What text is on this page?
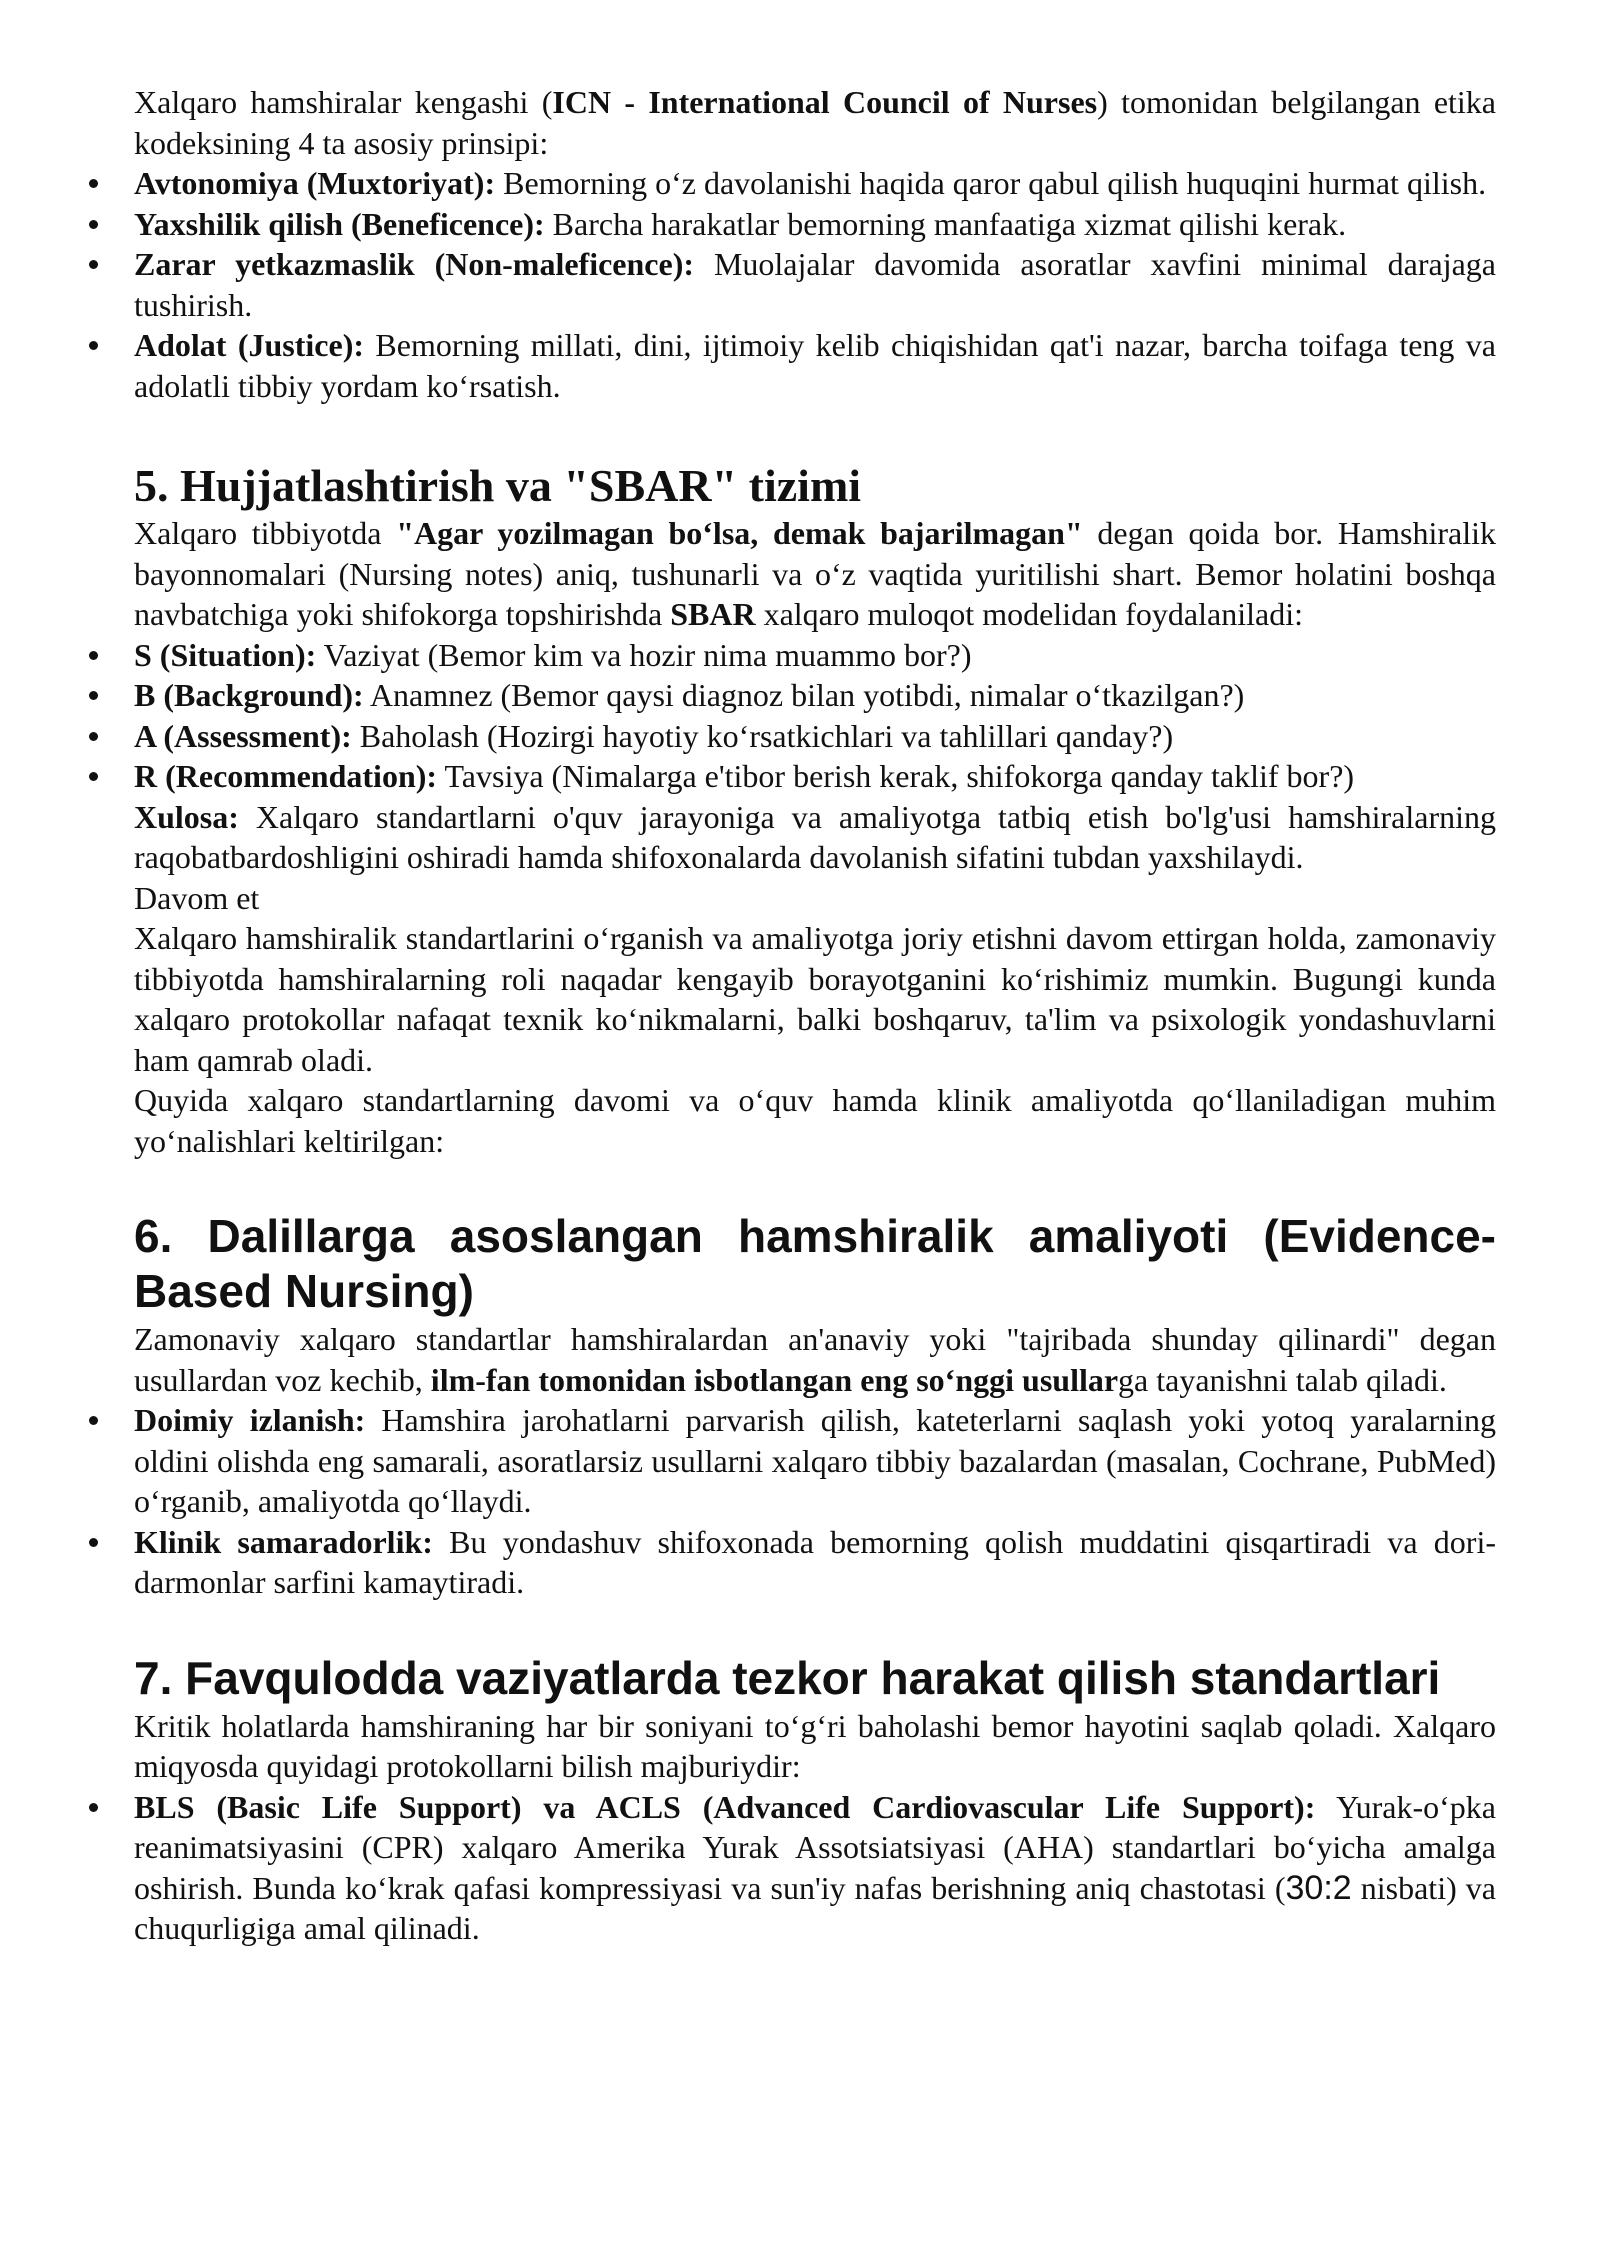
Xalqaro hamshiralar kengashi (ICN - International Council of Nurses) tomonidan belgilangan etika kodeksining 4 ta asosiy prinsipi:

Avtonomiya (Muxtoriyat): Bemorning o‘z davolanishi haqida qaror qabul qilish huquqini hurmat qilish.
Yaxshilik qilish (Beneficence): Barcha harakatlar bemorning manfaatiga xizmat qilishi kerak.
Zarar yetkazmaslik (Non-maleficence): Muolajalar davomida asoratlar xavfini minimal darajaga tushirish.
Adolat (Justice): Bemorning millati, dini, ijtimoiy kelib chiqishidan qat'i nazar, barcha toifaga teng va adolatli tibbiy yordam ko‘rsatish.
5. Hujjatlashtirish va "SBAR" tizimi

Xalqaro tibbiyotda "Agar yozilmagan bo‘lsa, demak bajarilmagan" degan qoida bor. Hamshiralik bayonnomalari (Nursing notes) aniq, tushunarli va o‘z vaqtida yuritilishi shart. Bemor holatini boshqa navbatchiga yoki shifokorga topshirishda SBAR xalqaro muloqot modelidan foydalaniladi:

S (Situation): Vaziyat (Bemor kim va hozir nima muammo bor?)
B (Background): Anamnez (Bemor qaysi diagnoz bilan yotibdi, nimalar o‘tkazilgan?)
A (Assessment): Baholash (Hozirgi hayotiy ko‘rsatkichlari va tahlillari qanday?)
R (Recommendation): Tavsiya (Nimalarga e'tibor berish kerak, shifokorga qanday taklif bor?)

Xulosa: Xalqaro standartlarni o'quv jarayoniga va amaliyotga tatbiq etish bo'lg'usi hamshiralarning raqobatbardoshligini oshiradi hamda shifoxonalarda davolanish sifatini tubdan yaxshilaydi.

Davom et

Xalqaro hamshiralik standartlarini o‘rganish va amaliyotga joriy etishni davom ettirgan holda, zamonaviy tibbiyotda hamshiralarning roli naqadar kengayib borayotganini ko‘rishimiz mumkin. Bugungi kunda xalqaro protokollar nafaqat texnik ko‘nikmalarni, balki boshqaruv, ta'lim va psixologik yondashuvlarni ham qamrab oladi.

Quyida xalqaro standartlarning davomi va o‘quv hamda klinik amaliyotda qo‘llaniladigan muhim yo‘nalishlari keltirilgan:

6. Dalillarga asoslangan hamshiralik amaliyoti (Evidence-Based Nursing)

Zamonaviy xalqaro standartlar hamshiralardan an'anaviy yoki "tajribada shunday qilinardi" degan usullardan voz kechib, ilm-fan tomonidan isbotlangan eng so‘nggi usullarga tayanishni talab qiladi.

Doimiy izlanish: Hamshira jarohatlarni parvarish qilish, kateterlarni saqlash yoki yotoq yaralarning oldini olishda eng samarali, asoratlarsiz usullarni xalqaro tibbiy bazalardan (masalan, Cochrane, PubMed) o‘rganib, amaliyotda qo‘llaydi.
Klinik samaradorlik: Bu yondashuv shifoxonada bemorning qolish muddatini qisqartiradi va dori-darmonlar sarfini kamaytiradi.
7. Favqulodda vaziyatlarda tezkor harakat qilish standartlari

Kritik holatlarda hamshiraning har bir soniyani to‘g‘ri baholashi bemor hayotini saqlab qoladi. Xalqaro miqyosda quyidagi protokollarni bilish majburiydir:

BLS (Basic Life Support) va ACLS (Advanced Cardiovascular Life Support): Yurak-o‘pka reanimatsiyasini (CPR) xalqaro Amerika Yurak Assotsiatsiyasi (AHA) standartlari bo‘yicha amalga oshirish. Bunda ko‘krak qafasi kompressiyasi va sun'iy nafas berishning aniq chastotasi (30:2 nisbati) va chuqurligiga amal qilinadi.
